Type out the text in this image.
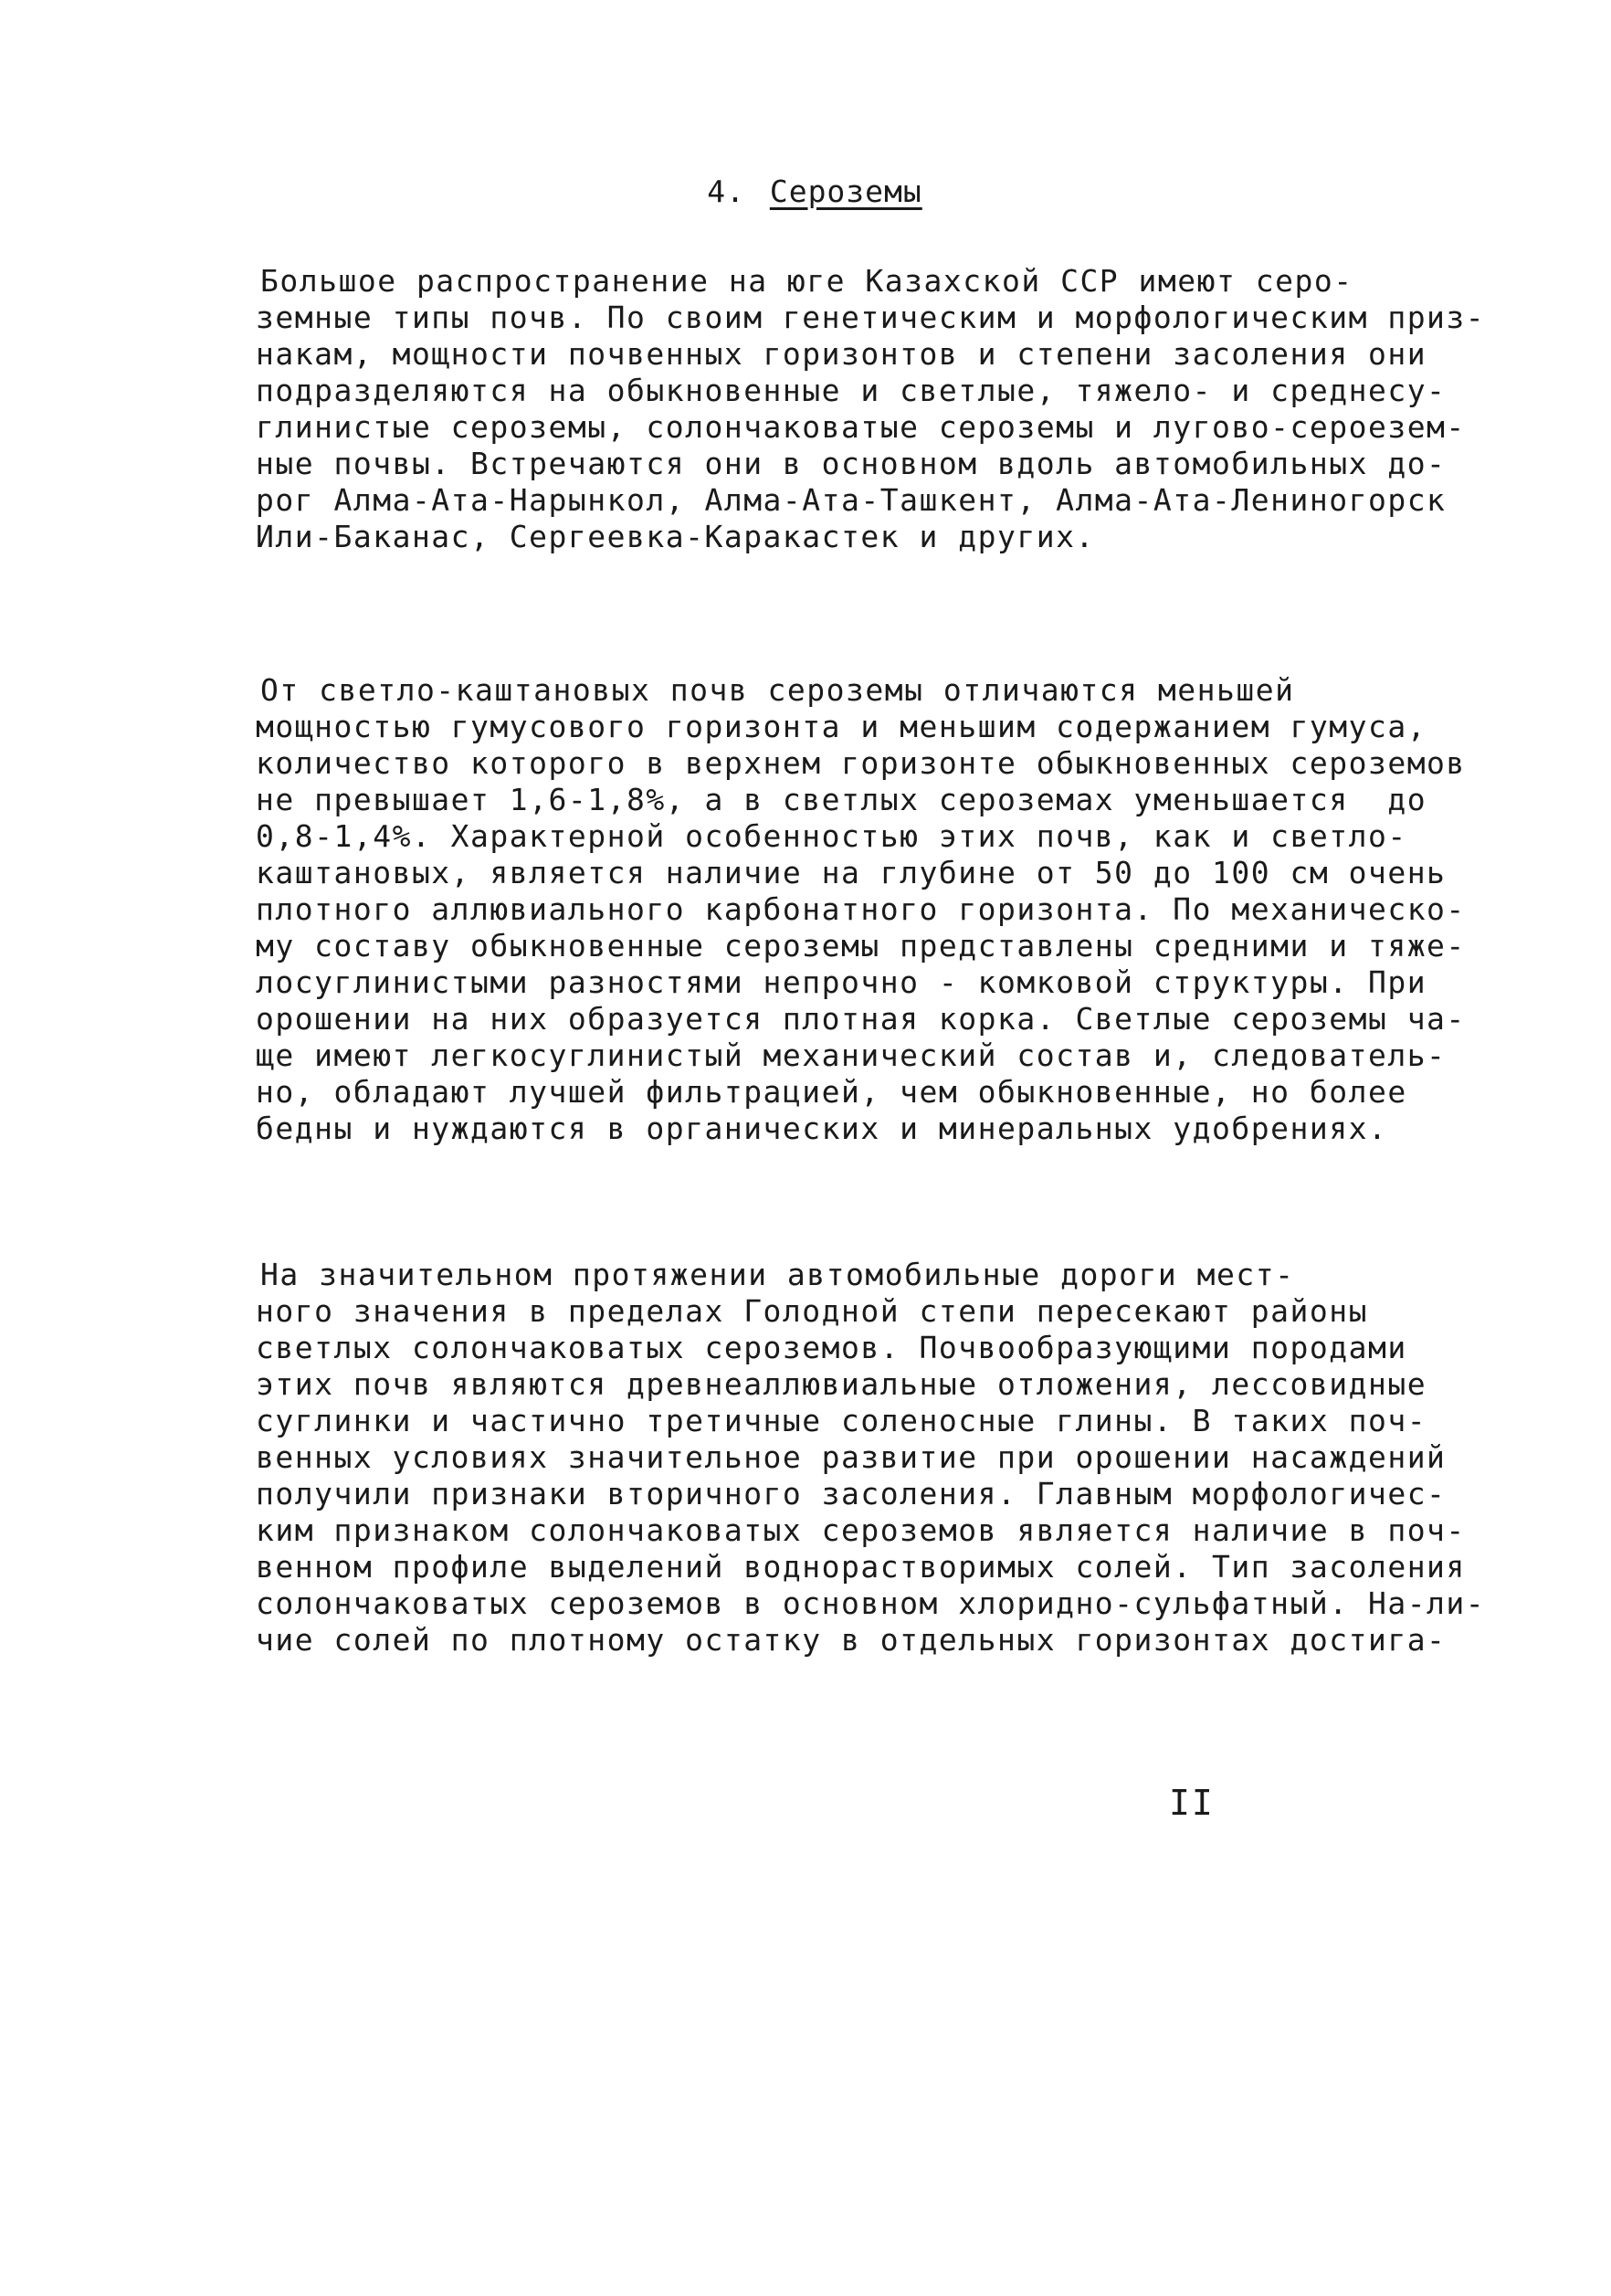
4. Сероземы
Большое распространение на юге Казахской ССР имеют серо-
земные типы почв. По своим генетическим и морфологическим приз-
накам, мощности почвенных горизонтов и степени засоления они
подразделяются на обыкновенные и светлые, тяжело- и среднесу-
глинистые сероземы, солончаковатые сероземы и лугово-сероезем-
ные почвы. Встречаются они в основном вдоль автомобильных до-
рог Алма-Ата-Нарынкол, Алма-Ата-Ташкент, Алма-Ата-Лениногорск
Или-Баканас, Сергеевка-Каракастек и других.
От светло-каштановых почв сероземы отличаются меньшей
мощностью гумусового горизонта и меньшим содержанием гумуса,
количество которого в верхнем горизонте обыкновенных сероземов
не превышает 1,6-1,8%, а в светлых сероземах уменьшается  до
0,8-1,4%. Характерной особенностью этих почв, как и светло-
каштановых, является наличие на глубине от 50 до 100 см очень
плотного аллювиального карбонатного горизонта. По механическо-
му составу обыкновенные сероземы представлены средними и тяже-
лосуглинистыми разностями непрочно - комковой структуры. При
орошении на них образуется плотная корка. Светлые сероземы ча-
ще имеют легкосуглинистый механический состав и, следователь-
но, обладают лучшей фильтрацией, чем обыкновенные, но более
бедны и нуждаются в органических и минеральных удобрениях.
На значительном протяжении автомобильные дороги мест-
ного значения в пределах Голодной степи пересекают районы
светлых солончаковатых сероземов. Почвообразующими породами
этих почв являются древнеаллювиальные отложения, лессовидные
суглинки и частично третичные соленосные глины. В таких поч-
венных условиях значительное развитие при орошении насаждений
получили признаки вторичного засоления. Главным морфологичес-
ким признаком солончаковатых сероземов является наличие в поч-
венном профиле выделений воднорастворимых солей. Тип засоления
солончаковатых сероземов в основном хлоридно-сульфатный. На-ли-
чие солей по плотному остатку в отдельных горизонтах достига-
II
